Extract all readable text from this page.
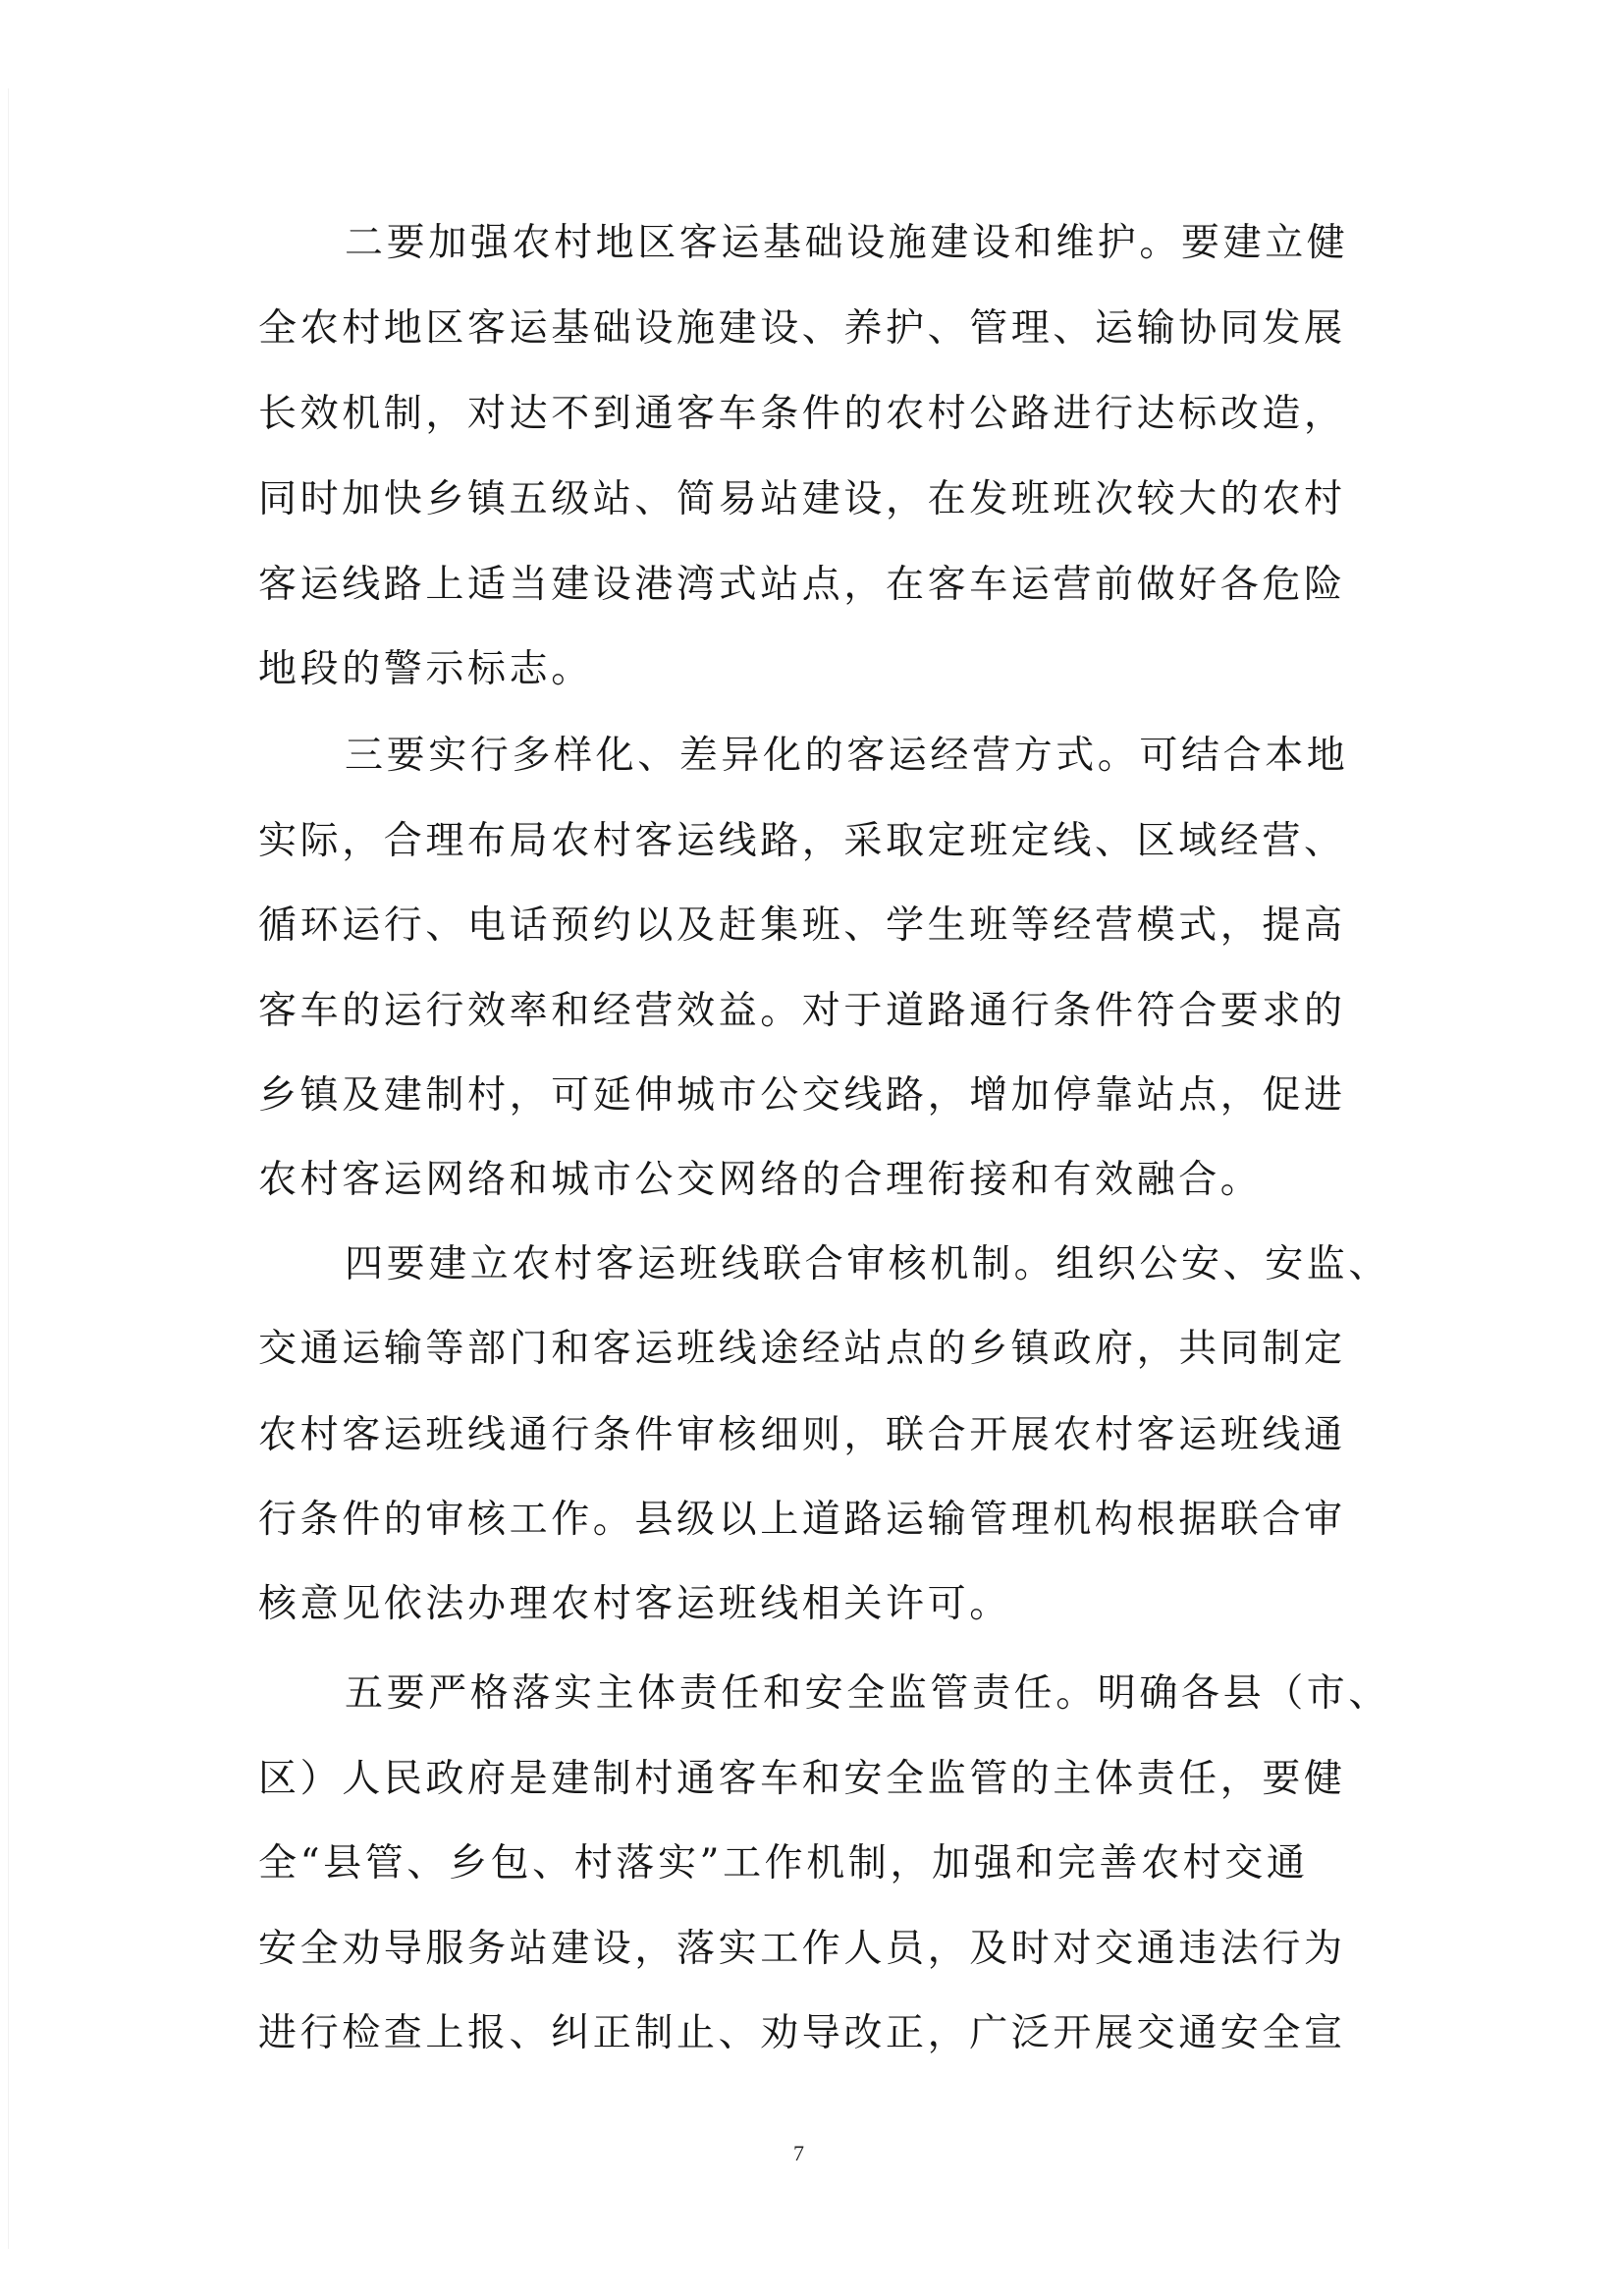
二要加强农村地区客运基础设施建设和维护。要建立健
全农村地区客运基础设施建设、养护、管理、运输协同发展
长效机制，对达不到通客车条件的农村公路进行达标改造，
同时加快乡镇五级站、简易站建设，在发班班次较大的农村
客运线路上适当建设港湾式站点，在客车运营前做好各危险
地段的警示标志。
三要实行多样化、差异化的客运经营方式。可结合本地
实际，合理布局农村客运线路，采取定班定线、区域经营、
循环运行、电话预约以及赶集班、学生班等经营模式，提高
客车的运行效率和经营效益。对于道路通行条件符合要求的
乡镇及建制村，可延伸城市公交线路，增加停靠站点，促进
农村客运网络和城市公交网络的合理衔接和有效融合。
四要建立农村客运班线联合审核机制。组织公安、安监、
交通运输等部门和客运班线途经站点的乡镇政府，共同制定
农村客运班线通行条件审核细则，联合开展农村客运班线通
行条件的审核工作。县级以上道路运输管理机构根据联合审
核意见依法办理农村客运班线相关许可。
五要严格落实主体责任和安全监管责任。明确各县（市、
区）人民政府是建制村通客车和安全监管的主体责任，要健
全“县管、乡包、村落实”工作机制，加强和完善农村交通
安全劝导服务站建设，落实工作人员，及时对交通违法行为
进行检查上报、纠正制止、劝导改正，广泛开展交通安全宣
7
